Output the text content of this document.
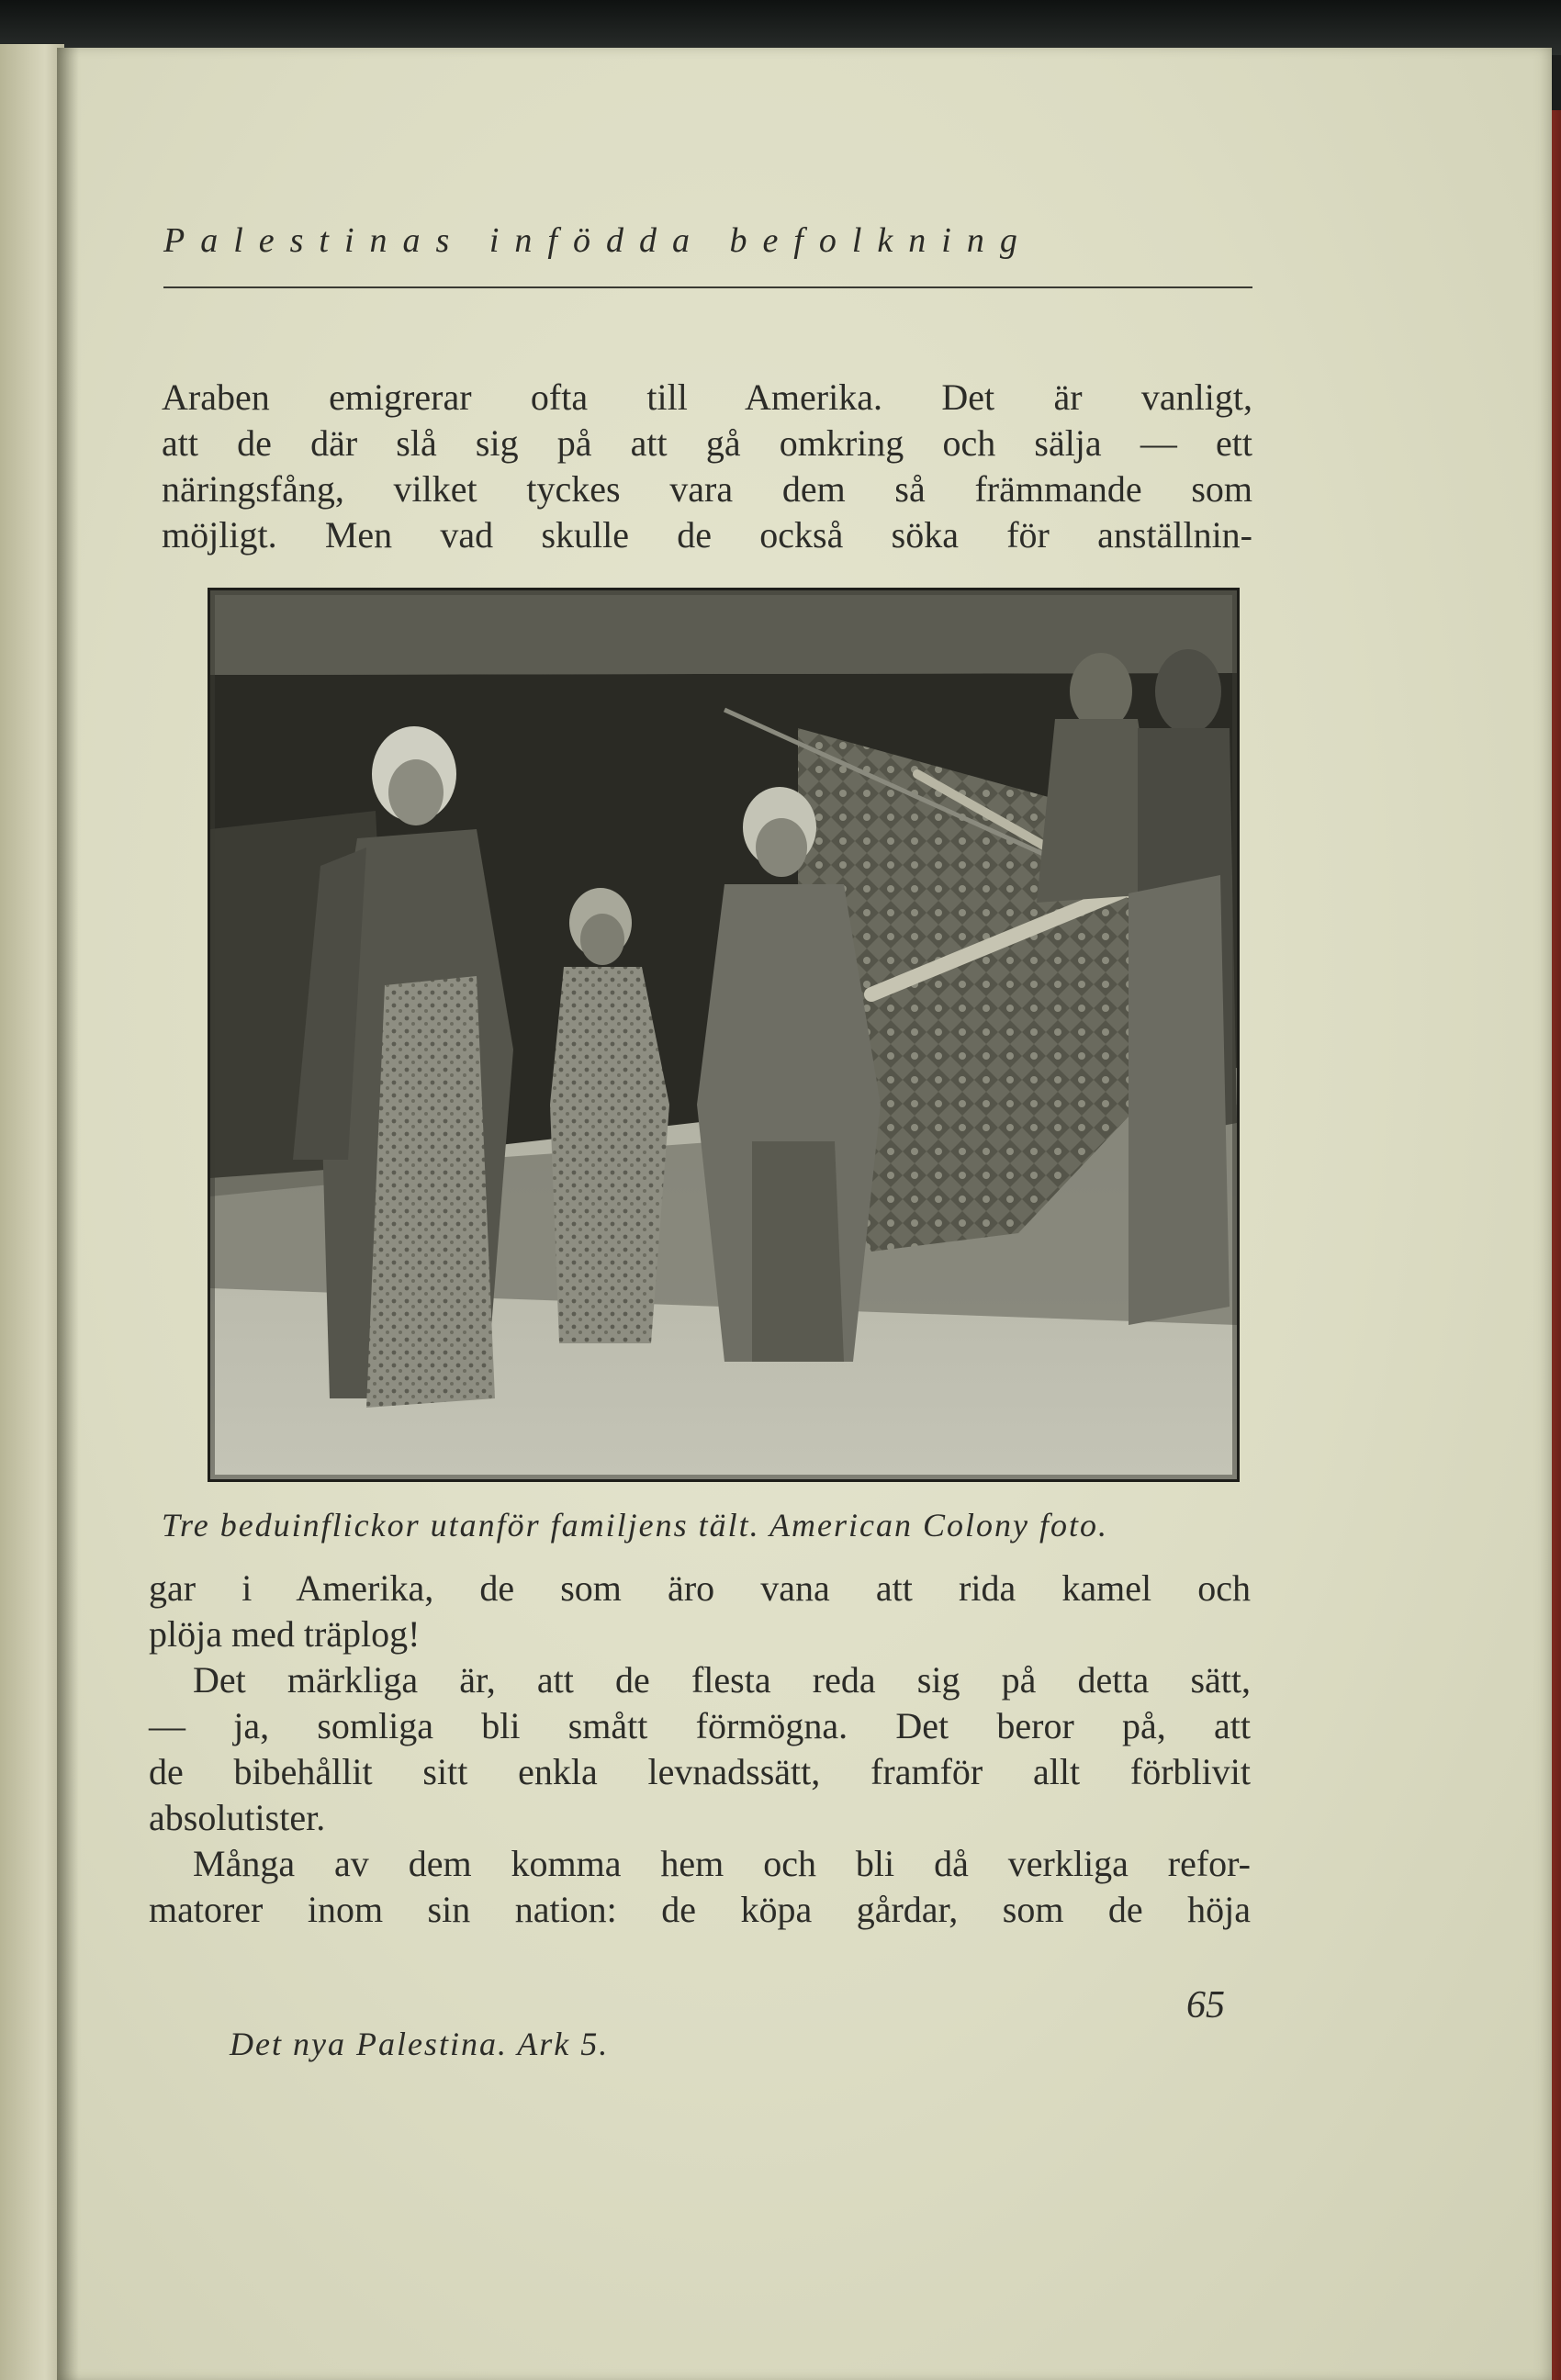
Palestinas infödda befolkning

Araben emigrerar ofta till Amerika. Det är vanligt,

att de där slå sig på att gå omkring och sälja — ett

näringsfång, vilket tyckes vara dem så främmande som

möjligt. Men vad skulle de också söka för anställnin-

Tre beduinflickor utanför familjens tält. American Colony foto.

gar i Amerika, de som äro vana att rida kamel och

plöja med träplog!

Det märkliga är, att de flesta reda sig på detta sätt,

— ja, somliga bli smått förmögna. Det beror på, att

de bibehållit sitt enkla levnadssätt, framför allt förblivit

absolutister.

Många av dem komma hem och bli då verkliga refor-

matorer inom sin nation: de köpa gårdar, som de höja

65
Det nya Palestina. Ark 5.
